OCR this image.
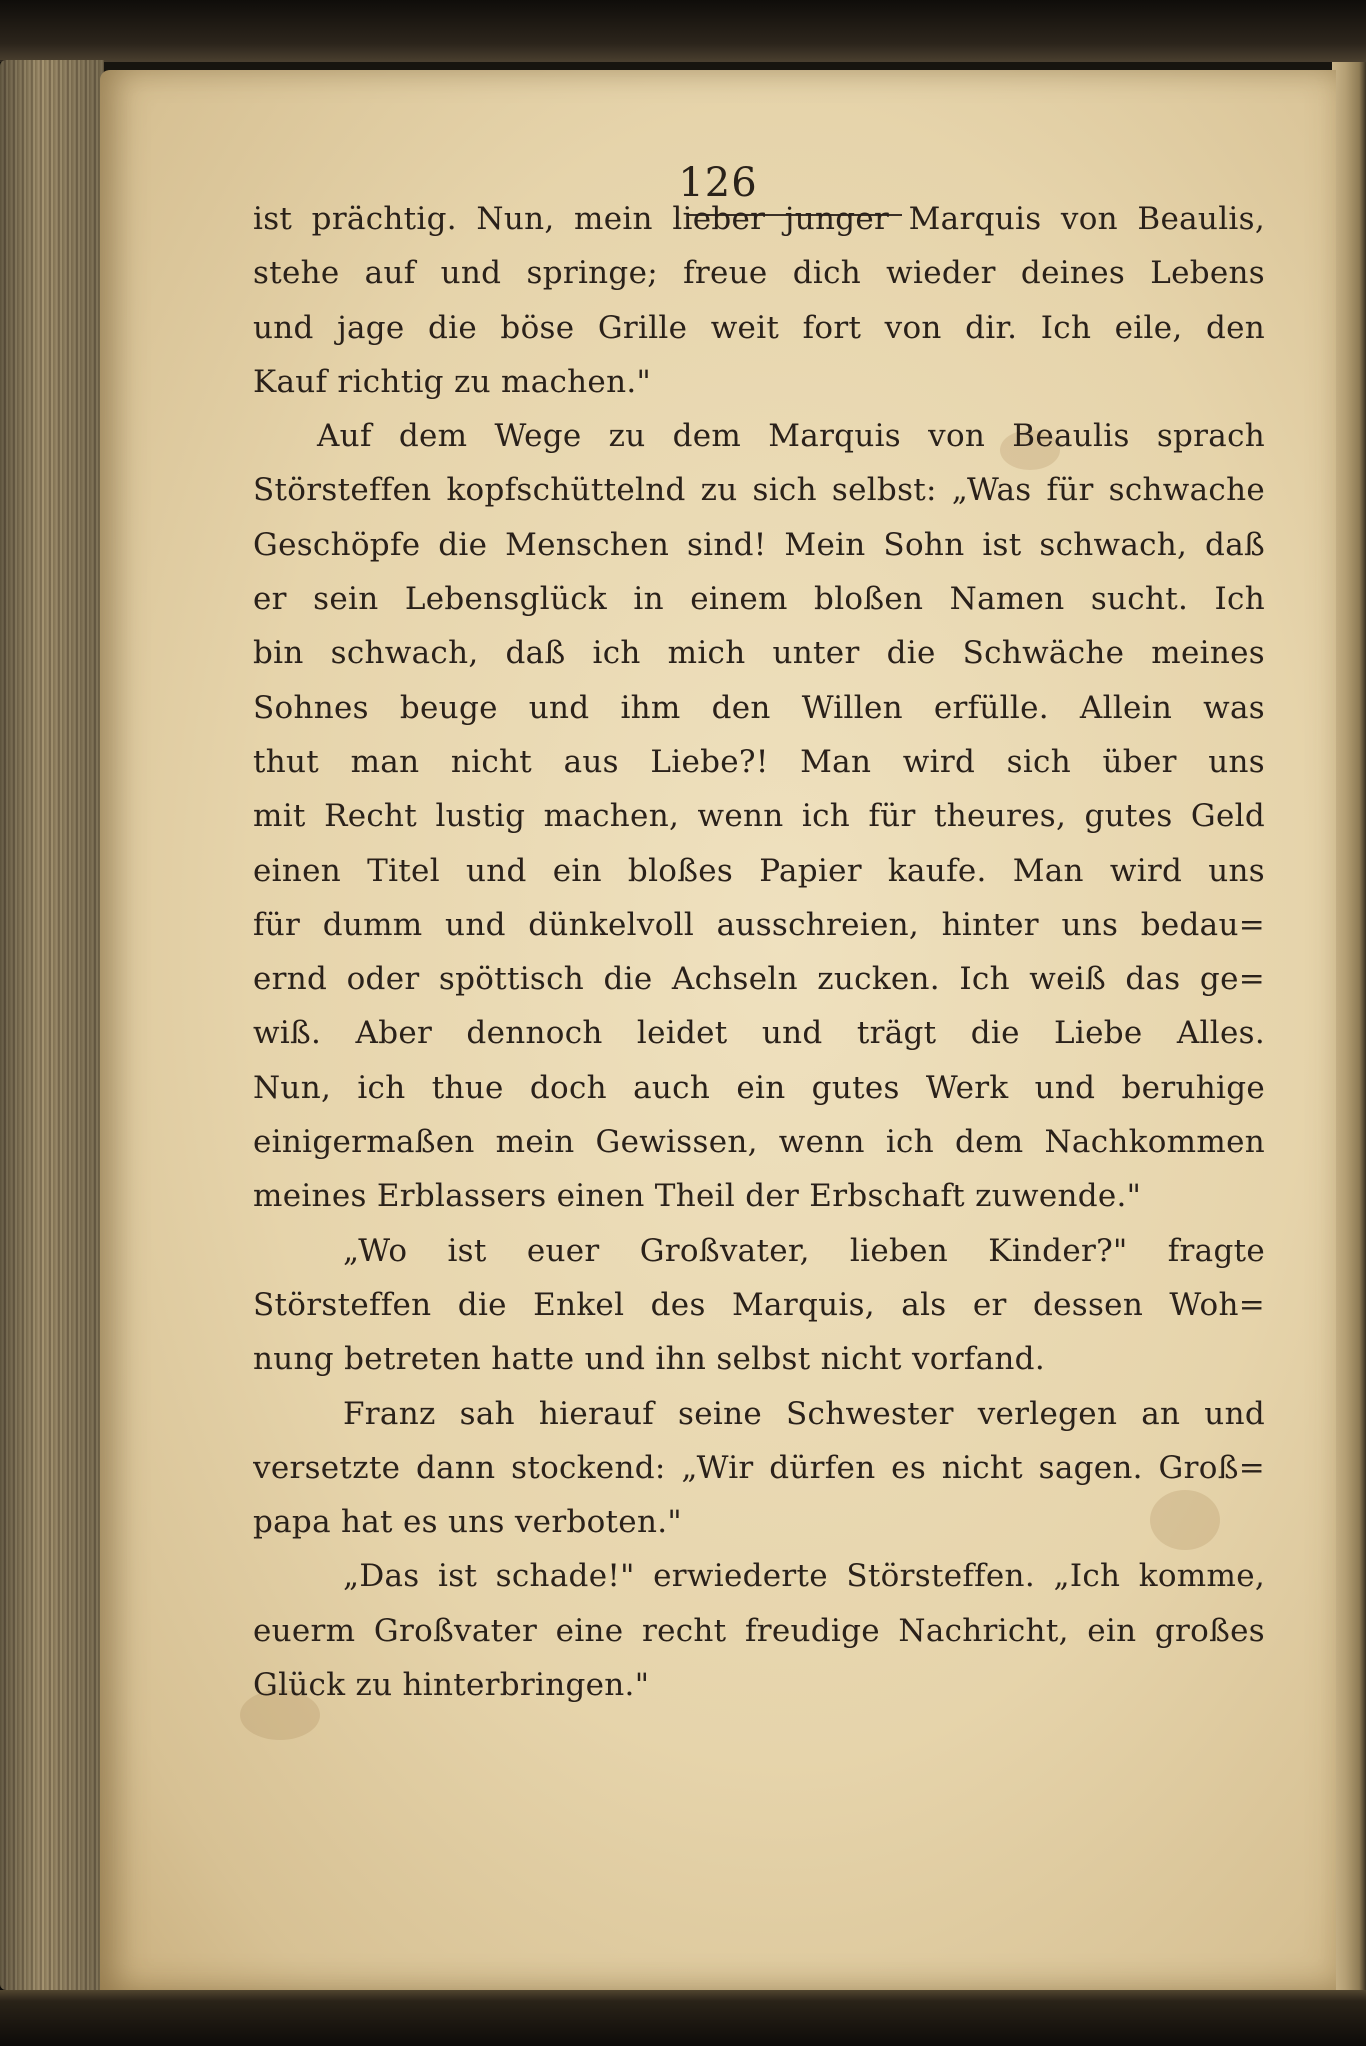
126
ist prächtig. Nun, mein lieber junger Marquis von Beaulis,
stehe auf und springe; freue dich wieder deines Lebens
und jage die böse Grille weit fort von dir. Ich eile, den
Kauf richtig zu machen."
Auf dem Wege zu dem Marquis von Beaulis sprach
Störsteffen kopfschüttelnd zu sich selbst: „Was für schwache
Geschöpfe die Menschen sind! Mein Sohn ist schwach, daß
er sein Lebensglück in einem bloßen Namen sucht. Ich
bin schwach, daß ich mich unter die Schwäche meines
Sohnes beuge und ihm den Willen erfülle. Allein was
thut man nicht aus Liebe?! Man wird sich über uns
mit Recht lustig machen, wenn ich für theures, gutes Geld
einen Titel und ein bloßes Papier kaufe. Man wird uns
für dumm und dünkelvoll ausschreien, hinter uns bedau=
ernd oder spöttisch die Achseln zucken. Ich weiß das ge=
wiß. Aber dennoch leidet und trägt die Liebe Alles.
Nun, ich thue doch auch ein gutes Werk und beruhige
einigermaßen mein Gewissen, wenn ich dem Nachkommen
meines Erblassers einen Theil der Erbschaft zuwende."
„Wo ist euer Großvater, lieben Kinder?" fragte
Störsteffen die Enkel des Marquis, als er dessen Woh=
nung betreten hatte und ihn selbst nicht vorfand.
Franz sah hierauf seine Schwester verlegen an und
versetzte dann stockend: „Wir dürfen es nicht sagen. Groß=
papa hat es uns verboten."
„Das ist schade!" erwiederte Störsteffen. „Ich komme,
euerm Großvater eine recht freudige Nachricht, ein großes
Glück zu hinterbringen."
